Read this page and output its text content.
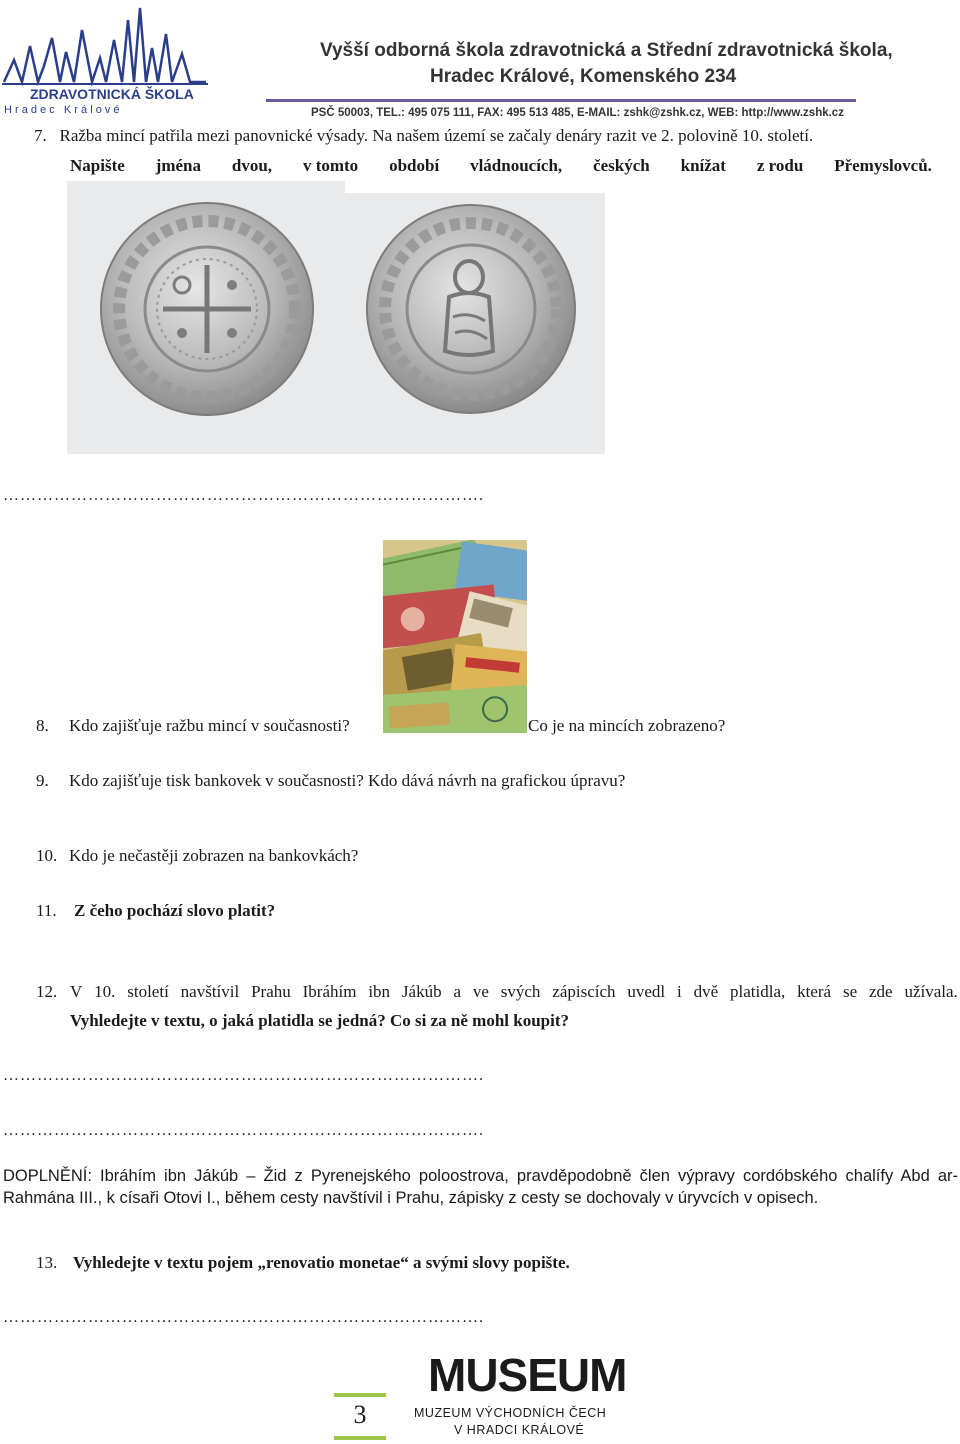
ZDRAVOTNICKÁ ŠKOLA
H r a d e c   K r á l o v é
Vyšší odborná škola zdravotnická a Střední zdravotnická škola,
Hradec Králové, Komenského 234
PSČ 50003, TEL.: 495 075 111, FAX: 495 513 485, E-MAIL: zshk@zshk.cz, WEB: http://www.zshk.cz
7.   Ražba mincí patřila mezi panovnické výsady. Na našem území se začaly denáry razit ve 2. polovině 10. století.
Napište jména dvou, v tomto období vládnoucích, českých knížat z rodu Přemyslovců.
………………………………………………………………………….
8. Kdo zajišťuje ražbu mincí v současnosti?	Co je na mincích zobrazeno?
9. Kdo zajišťuje tisk bankovek v současnosti? Kdo dává návrh na grafickou úpravu?
10. Kdo je nečastěji zobrazen na bankovkách?
11. Z čeho pochází slovo platit?
12. V 10. století navštívil Prahu Ibráhím ibn Jákúb a ve svých zápiscích uvedl i dvě platidla, která se zde užívala.
Vyhledejte v textu, o jaká platidla se jedná? Co si za ně mohl koupit?
………………………………………………………………………….
………………………………………………………………………….
DOPLNĚNÍ: Ibráhím ibn Jákúb – Žid z Pyrenejského poloostrova, pravděpodobně člen výpravy cordóbského chalífy Abd ar-Rahmána III., k císaři Otovi I., během cesty navštívil i Prahu, zápisky z cesty se dochovaly v úryvcích v opisech.
13. Vyhledejte v textu pojem „renovatio monetae“ a svými slovy popište.
………………………………………………………………………….
3
MUSEUM
MUZEUM VÝCHODNÍCH ČECH
V HRADCI KRÁLOVÉ
